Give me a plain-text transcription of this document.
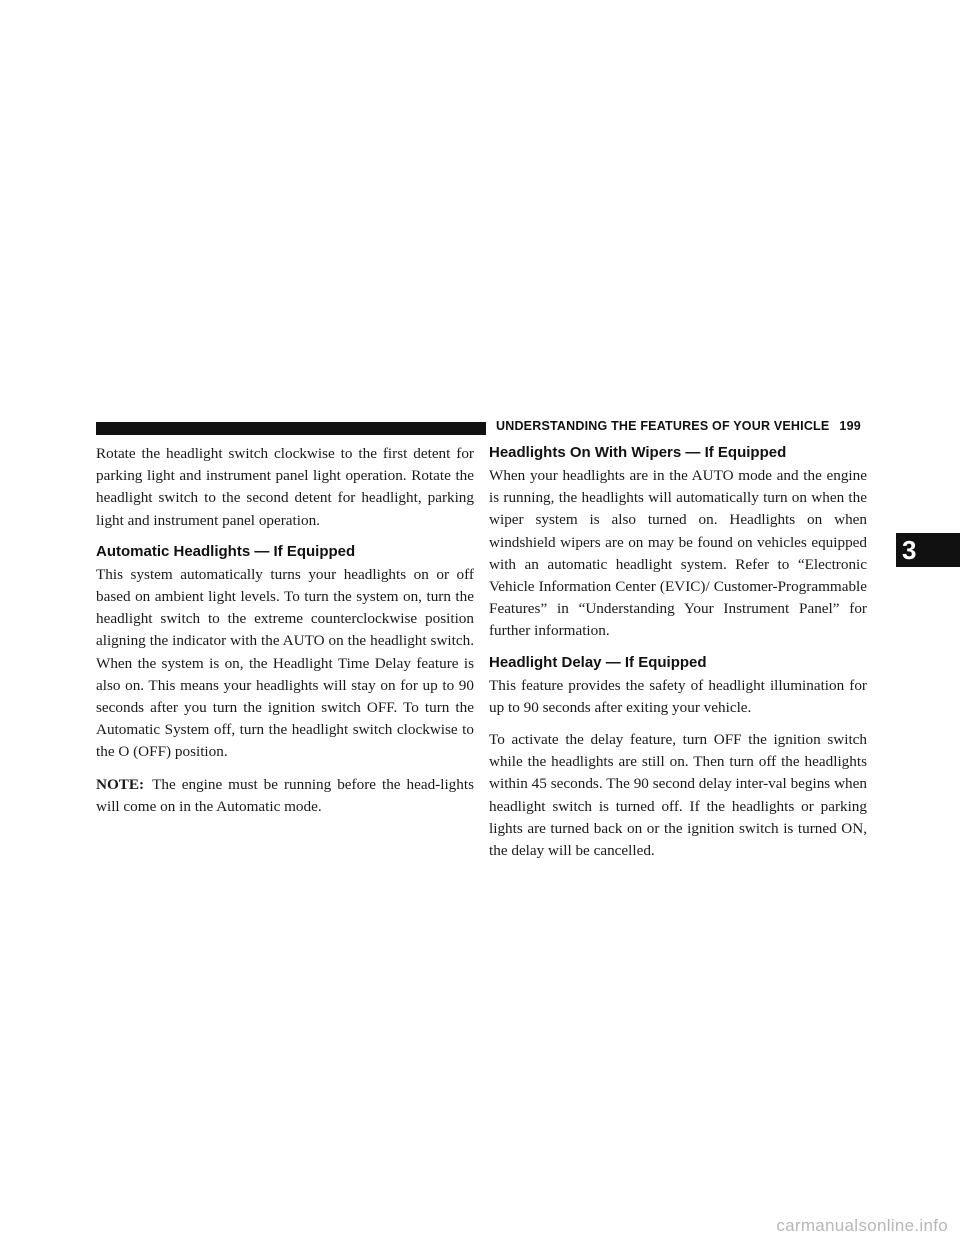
UNDERSTANDING THE FEATURES OF YOUR VEHICLE 199

Rotate the headlight switch clockwise to the first detent for parking light and instrument panel light operation. Rotate the headlight switch to the second detent for headlight, parking light and instrument panel operation.

Automatic Headlights — If Equipped

This system automatically turns your headlights on or off based on ambient light levels. To turn the system on, turn the headlight switch to the extreme counterclockwise position aligning the indicator with the AUTO on the headlight switch. When the system is on, the Headlight Time Delay feature is also on. This means your headlights will stay on for up to 90 seconds after you turn the ignition switch OFF. To turn the Automatic System off, turn the headlight switch clockwise to the O (OFF) position.

NOTE: The engine must be running before the head-lights will come on in the Automatic mode.

Headlights On With Wipers — If Equipped

When your headlights are in the AUTO mode and the engine is running, the headlights will automatically turn on when the wiper system is also turned on. Headlights on when windshield wipers are on may be found on vehicles equipped with an automatic headlight system. Refer to “Electronic Vehicle Information Center (EVIC)/ Customer-Programmable Features” in “Understanding Your Instrument Panel” for further information.

Headlight Delay — If Equipped

This feature provides the safety of headlight illumination for up to 90 seconds after exiting your vehicle.

To activate the delay feature, turn OFF the ignition switch while the headlights are still on. Then turn off the headlights within 45 seconds. The 90 second delay inter-val begins when headlight switch is turned off. If the headlights or parking lights are turned back on or the ignition switch is turned ON, the delay will be cancelled.

3
carmanualsonline.info
